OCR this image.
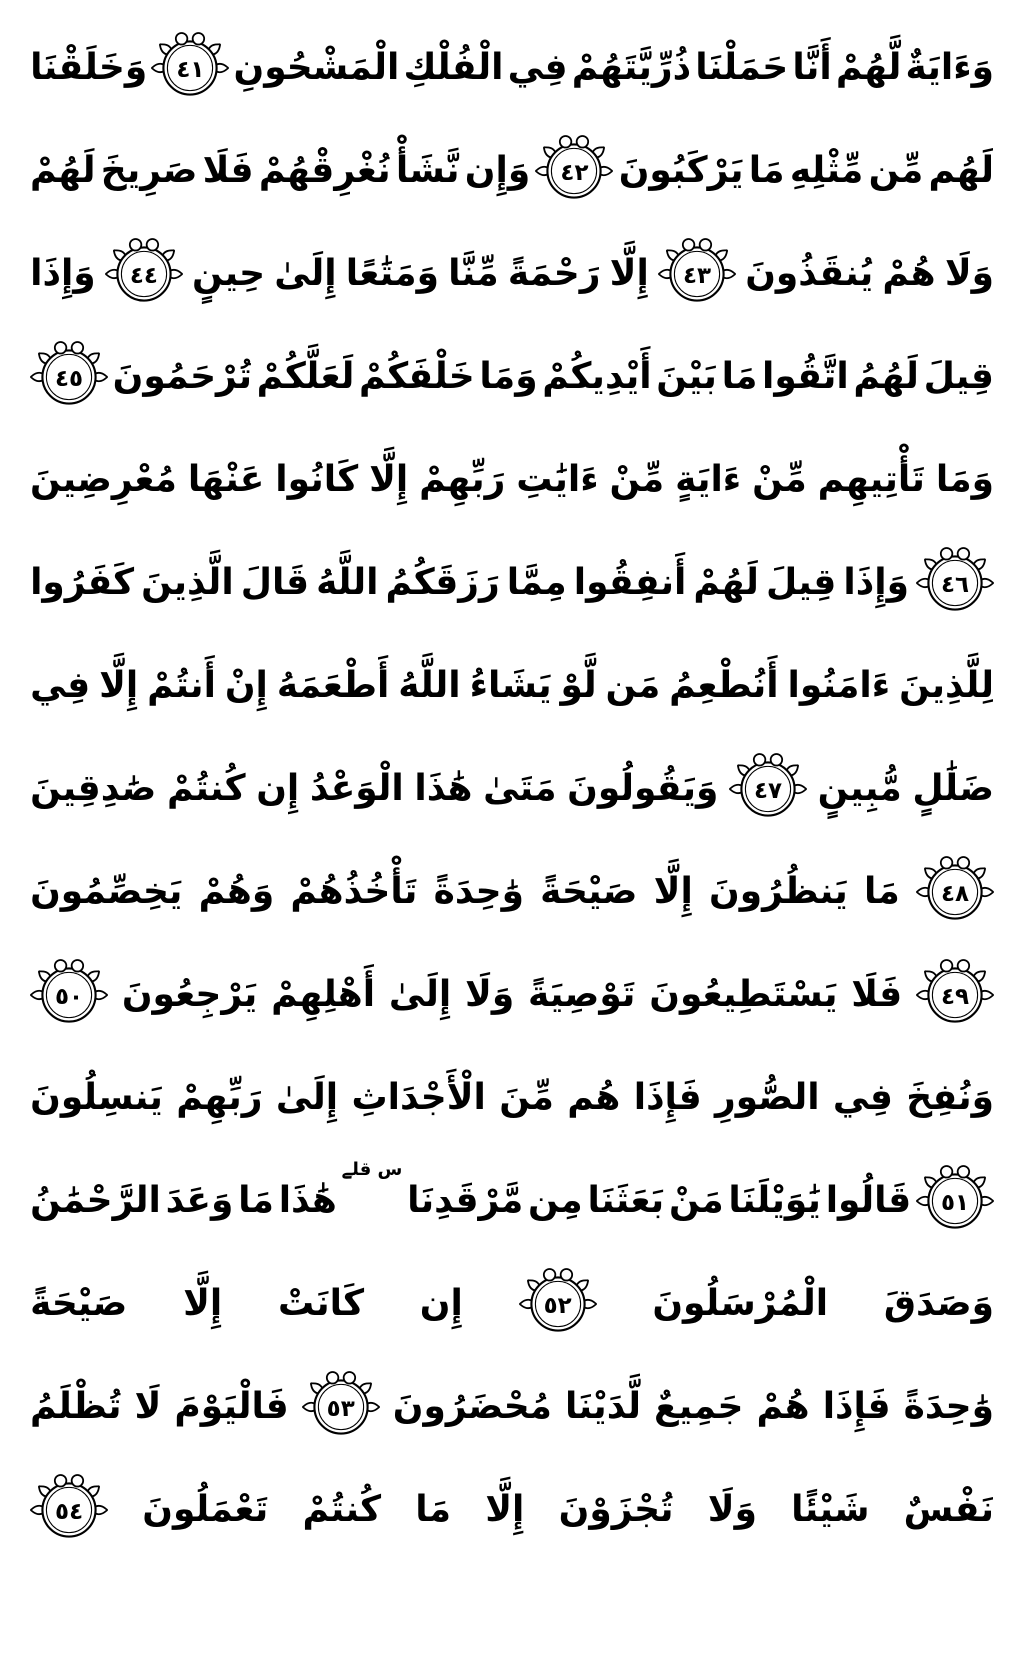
وَءَايَةٌ
لَّهُمْ
أَنَّا
حَمَلْنَا
ذُرِّيَّتَهُمْ
فِي
الْفُلْكِ
الْمَشْحُونِ
٤١
وَخَلَقْنَا
لَهُم
مِّن
مِّثْلِهِ
مَا
يَرْكَبُونَ
٤٢
وَإِن
نَّشَأْ
نُغْرِقْهُمْ
فَلَا
صَرِيخَ
لَهُمْ
وَلَا
هُمْ
يُنقَذُونَ
٤٣
إِلَّا
رَحْمَةً
مِّنَّا
وَمَتَٰعًا
إِلَىٰ
حِينٍ
٤٤
وَإِذَا
قِيلَ
لَهُمُ
اتَّقُوا
مَا
بَيْنَ
أَيْدِيكُمْ
وَمَا
خَلْفَكُمْ
لَعَلَّكُمْ
تُرْحَمُونَ
٤٥
وَمَا
تَأْتِيهِم
مِّنْ
ءَايَةٍ
مِّنْ
ءَايَٰتِ
رَبِّهِمْ
إِلَّا
كَانُوا
عَنْهَا
مُعْرِضِينَ
٤٦
وَإِذَا
قِيلَ
لَهُمْ
أَنفِقُوا
مِمَّا
رَزَقَكُمُ
اللَّهُ
قَالَ
الَّذِينَ
كَفَرُوا
لِلَّذِينَ
ءَامَنُوا
أَنُطْعِمُ
مَن
لَّوْ
يَشَاءُ
اللَّهُ
أَطْعَمَهُ
إِنْ
أَنتُمْ
إِلَّا
فِي
ضَلَٰلٍ
مُّبِينٍ
٤٧
وَيَقُولُونَ
مَتَىٰ
هَٰذَا
الْوَعْدُ
إِن
كُنتُمْ
صَٰدِقِينَ
٤٨
مَا
يَنظُرُونَ
إِلَّا
صَيْحَةً
وَٰحِدَةً
تَأْخُذُهُمْ
وَهُمْ
يَخِصِّمُونَ
٤٩
فَلَا
يَسْتَطِيعُونَ
تَوْصِيَةً
وَلَا
إِلَىٰ
أَهْلِهِمْ
يَرْجِعُونَ
٥٠
وَنُفِخَ
فِي
الصُّورِ
فَإِذَا
هُم
مِّنَ
الْأَجْدَاثِ
إِلَىٰ
رَبِّهِمْ
يَنسِلُونَ
٥١
قَالُوا
يَٰوَيْلَنَا
مَنْ
بَعَثَنَا
مِن
مَّرْقَدِنَا
س قلے
هَٰذَا
مَا
وَعَدَ
الرَّحْمَٰنُ
وَصَدَقَ
الْمُرْسَلُونَ
٥٢
إِن
كَانَتْ
إِلَّا
صَيْحَةً
وَٰحِدَةً
فَإِذَا
هُمْ
جَمِيعٌ
لَّدَيْنَا
مُحْضَرُونَ
٥٣
فَالْيَوْمَ
لَا
تُظْلَمُ
نَفْسٌ
شَيْئًا
وَلَا
تُجْزَوْنَ
إِلَّا
مَا
كُنتُمْ
تَعْمَلُونَ
٥٤
